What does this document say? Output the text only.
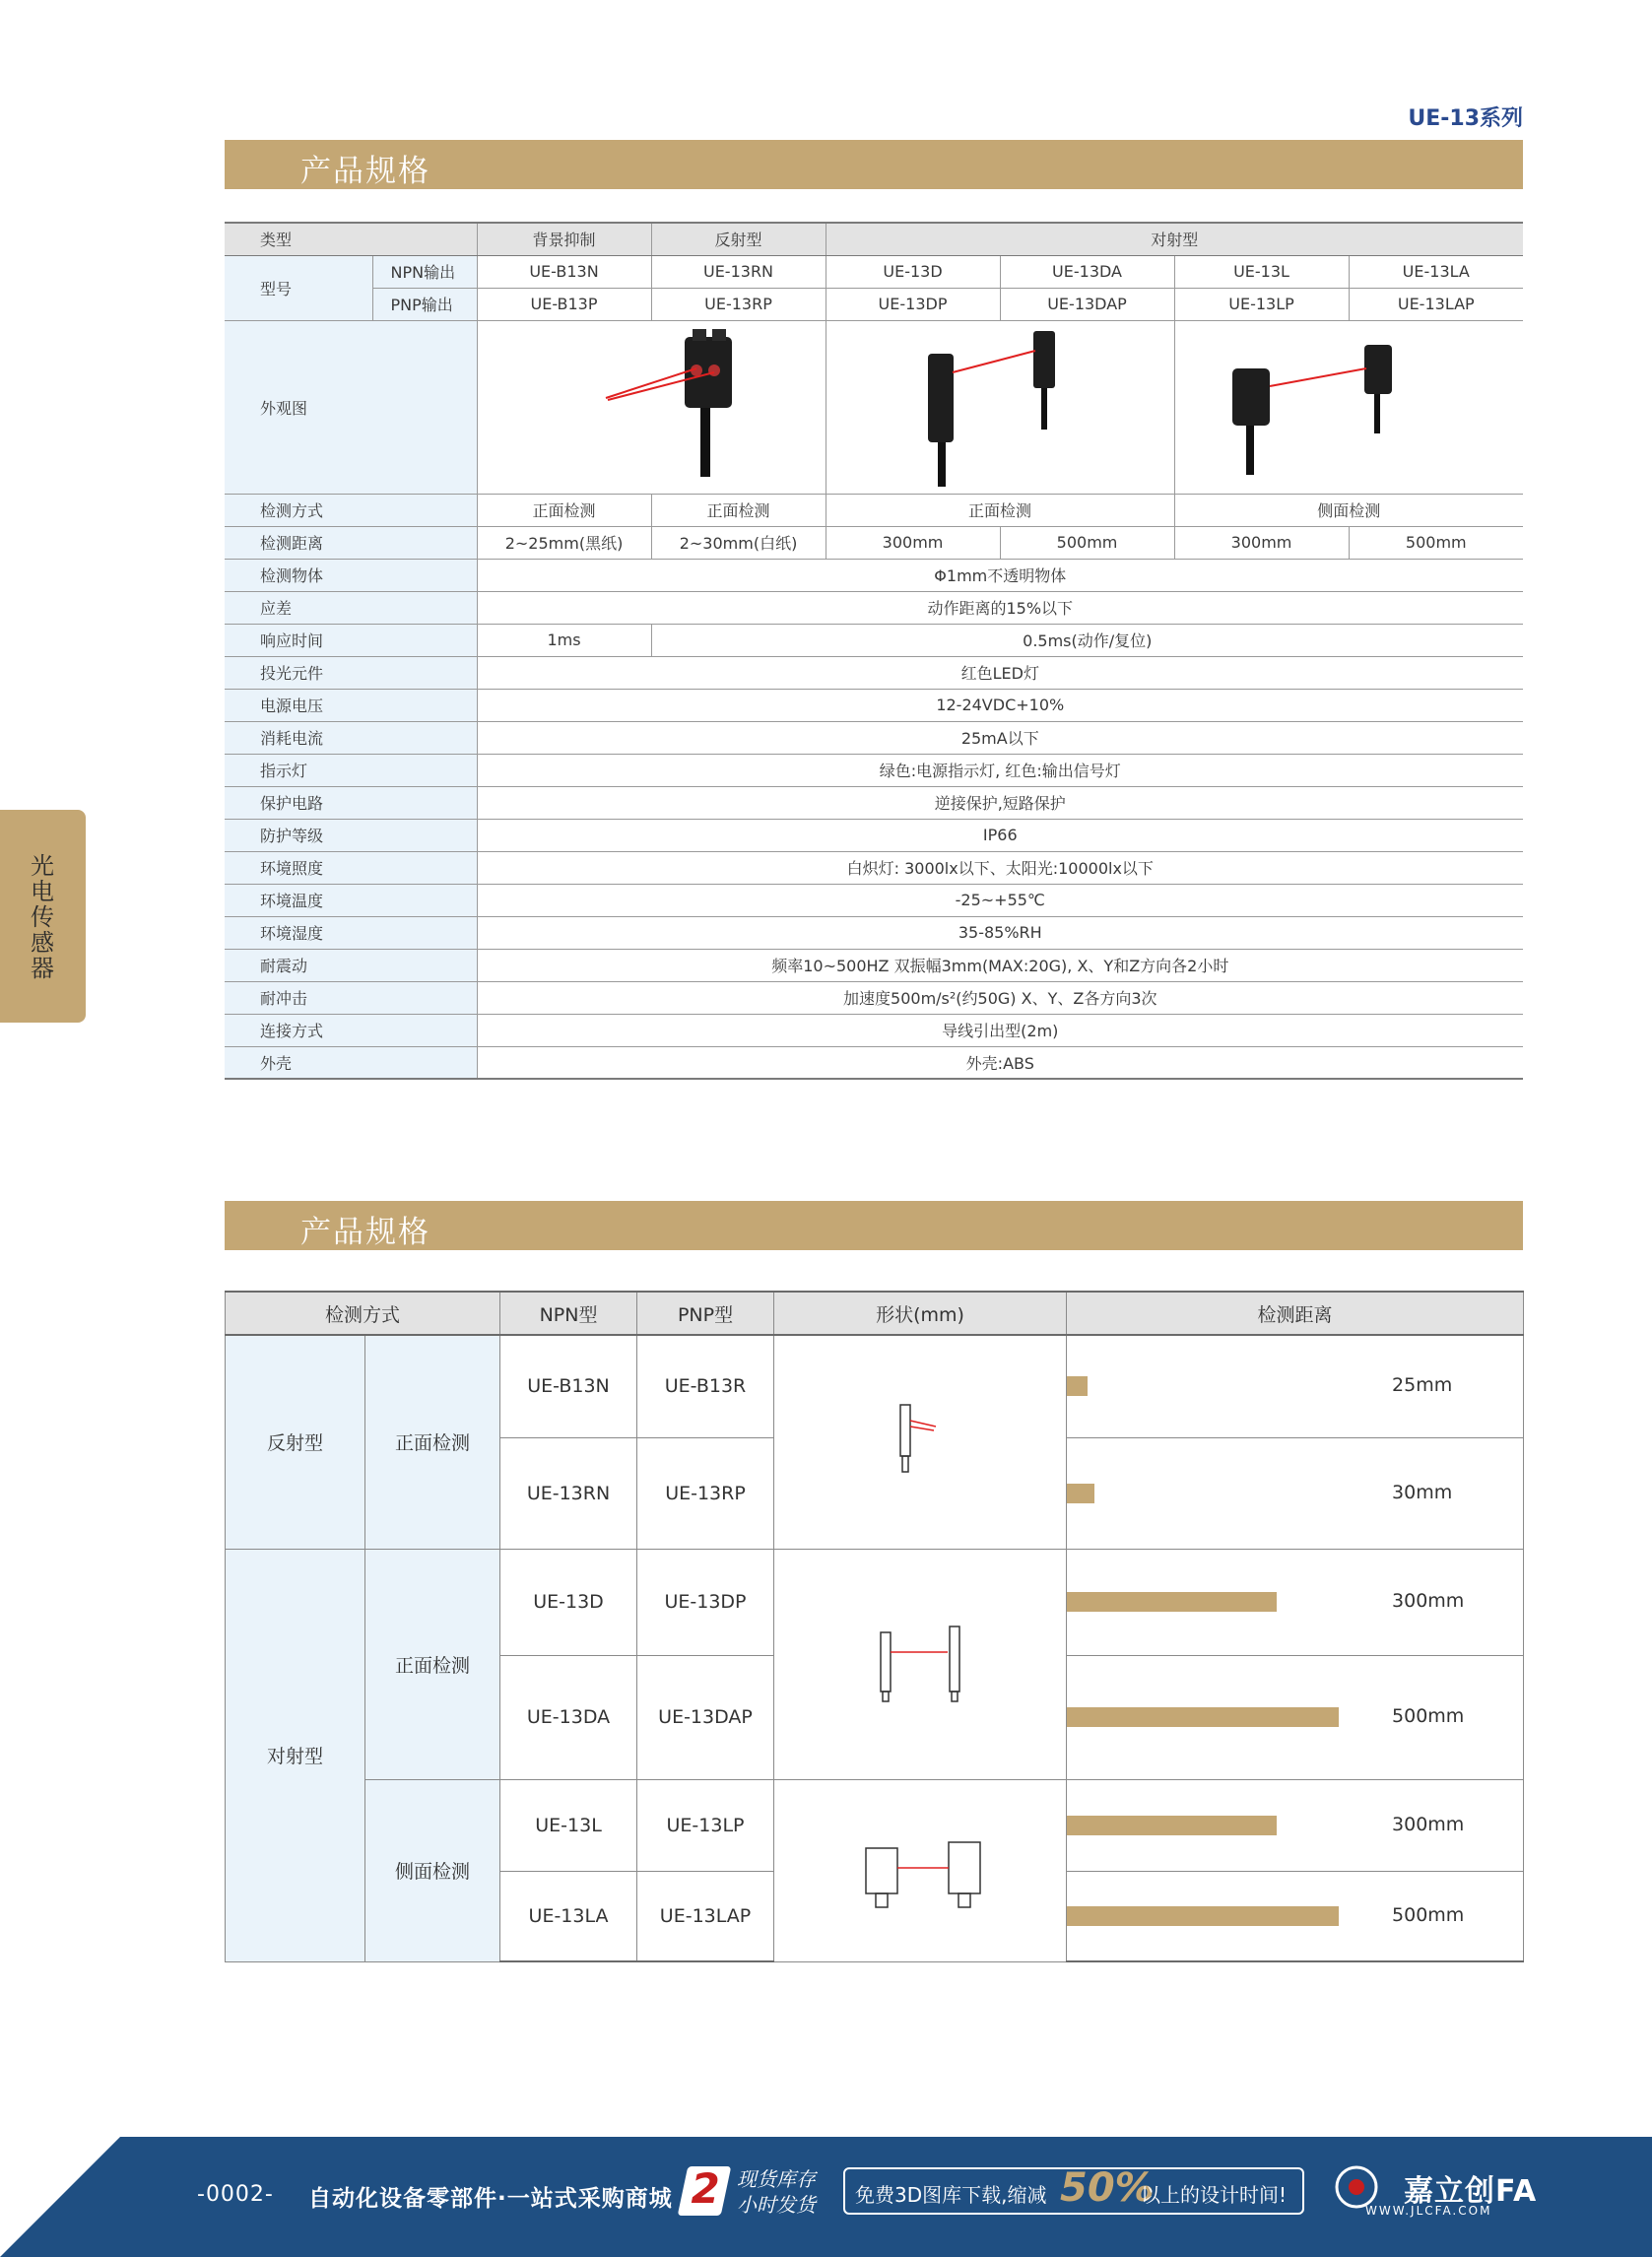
UE-13系列
产品规格
光电传感器
类型		背景抑制	反射型	对射型			
型号	NPN输出	UE-B13N	UE-13RN	UE-13D	UE-13DA	UE-13L	UE-13LA
	PNP输出	UE-B13P	UE-13RP	UE-13DP	UE-13DAP	UE-13LP	UE-13LAP
外观图			
检测方式		正面检测	正面检测	正面检测		侧面检测	
检测距离		2~25mm(黑纸)	2~30mm(白纸)	300mm	500mm	300mm	500mm
检测物体		Φ1mm不透明物体					
应差		动作距离的15%以下					
响应时间		1ms	0.5ms(动作/复位)				
投光元件		红色LED灯					
电源电压		12-24VDC+10%					
消耗电流		25mA以下					
指示灯		绿色:电源指示灯, 红色:输出信号灯					
保护电路		逆接保护,短路保护					
防护等级		IP66					
环境照度		白炽灯: 3000lx以下、太阳光:10000lx以下					
环境温度		-25~+55℃					
环境湿度		35-85%RH					
耐震动		频率10~500HZ 双振幅3mm(MAX:20G), X、Y和Z方向各2小时					
耐冲击		加速度500m/s²(约50G) X、Y、Z各方向3次					
连接方式		导线引出型(2m)					
外壳		外壳:ABS					
产品规格
检测方式		NPN型	PNP型	形状(mm)	检测距离
反射型	正面检测	UE-B13N	UE-B13R		25mm

		UE-13RN	UE-13RP		30mm

对射型	正面检测	UE-13D	UE-13DP		300mm

		UE-13DA	UE-13DAP		500mm

	侧面检测	UE-13L	UE-13LP		300mm

		UE-13LA	UE-13LAP		500mm
-0002- 自动化设备零部件·一站式采购商城 2 现货库存
小时发货 免费3D图库下载,缩减 50%
以上的设计时间!	嘉立创FA
WWW.JLCFA.COM
